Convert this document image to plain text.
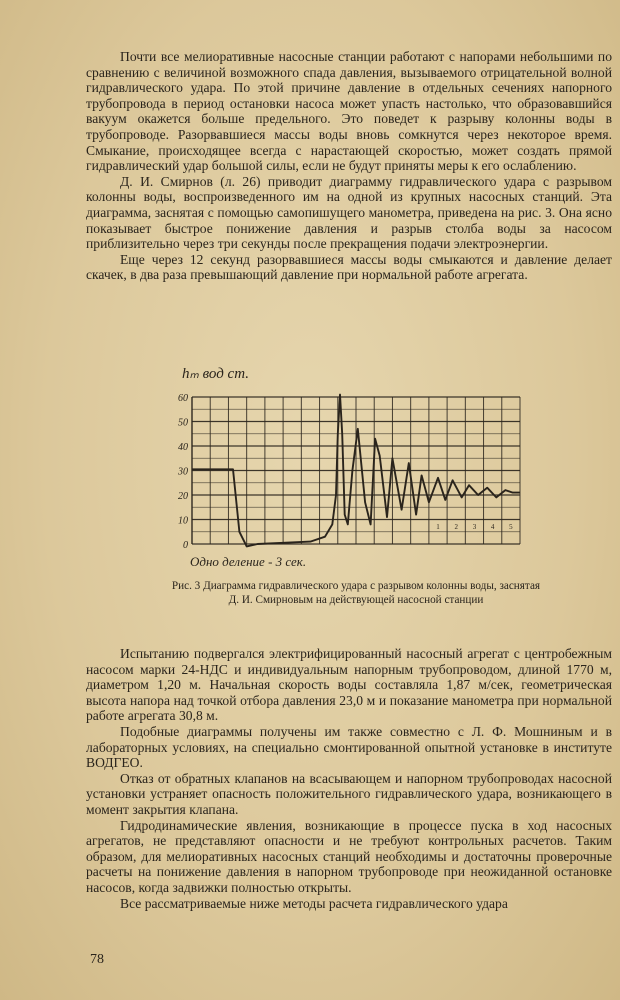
Почти все мелиоративные насосные станции работают с напорами небольшими по сравнению с величиной возможного спада давления, вызываемого отрицательной волной гидравлического удара. По этой причине давление в отдельных сечениях напорного трубопровода в период остановки насоса может упасть настолько, что образовавшийся вакуум окажется больше предельного. Это поведет к разрыву колонны воды в трубопроводе. Разорвавшиеся массы воды вновь сомкнутся через некоторое время. Смыкание, происходящее всегда с нарастающей скоростью, может создать прямой гидравлический удар большой силы, если не будут приняты меры к его ослаблению.

Д. И. Смирнов (л. 26) приводит диаграмму гидравлического удара с разрывом колонны воды, воспроизведенного им на одной из крупных насосных станций. Эта диаграмма, заснятая с помощью самопишущего манометра, приведена на рис. 3. Она ясно показывает быстрое понижение давления и разрыв столба воды за насосом приблизительно через три секунды после прекращения подачи электроэнергии.

Еще через 12 секунд разорвавшиеся массы воды смыкаются и давление делает скачек, в два раза превышающий давление при нормальной работе агрегата.

hₘ вод ст.
0
10
20
30
40
50
60
1 2 3 4 5
Одно деление - 3 сек.
Рис. 3 Диаграмма гидравлического удара с разрывом колонны воды, заснятая Д. И. Смирновым на действующей насосной станции

Испытанию подвергался электрифицированный насосный агрегат с центробежным насосом марки 24-НДС и индивидуальным напорным трубопроводом, длиной 1770 м, диаметром 1,20 м. Начальная скорость воды составляла 1,87 м/сек, геометрическая высота напора над точкой отбора давления 23,0 м и показание манометра при нормальной работе агрегата 30,8 м.

Подобные диаграммы получены им также совместно с Л. Ф. Мошниным и в лабораторных условиях, на специально смонтированной опытной установке в институте ВОДГЕО.

Отказ от обратных клапанов на всасывающем и напорном трубопроводах насосной установки устраняет опасность положительного гидравлического удара, возникающего в момент закрытия клапана.

Гидродинамические явления, возникающие в процессе пуска в ход насосных агрегатов, не представляют опасности и не требуют контрольных расчетов. Таким образом, для мелиоративных насосных станций необходимы и достаточны проверочные расчеты на понижение давления в напорном трубопроводе при неожиданной остановке насосов, когда задвижки полностью открыты.

Все рассматриваемые ниже методы расчета гидравлического удара

78
